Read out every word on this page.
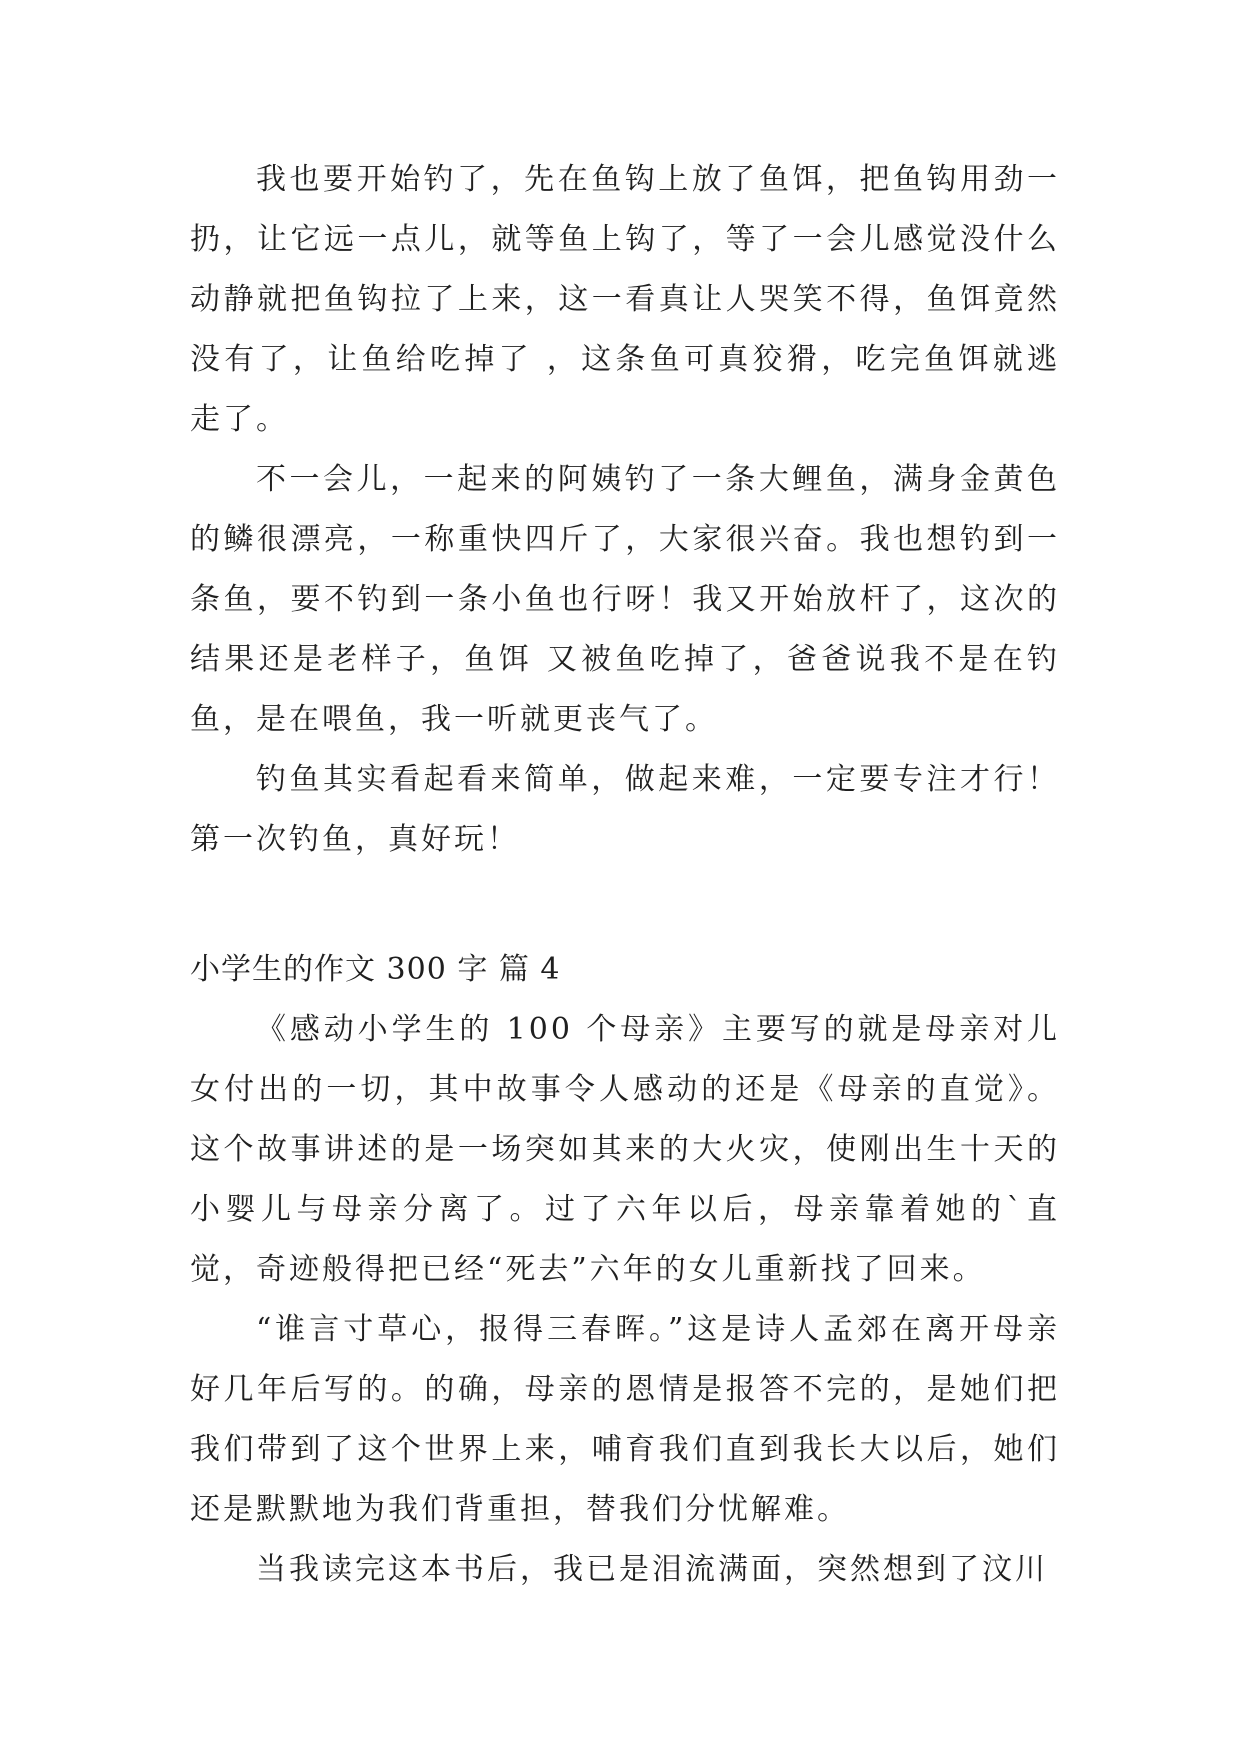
我也要开始钓了，先在鱼钩上放了鱼饵，把鱼钩用劲一扔，让它远一点儿，就等鱼上钩了，等了一会儿感觉没什么动静就把鱼钩拉了上来，这一看真让人哭笑不得，鱼饵竟然没有了，让鱼给吃掉了 ，这条鱼可真狡猾，吃完鱼饵就逃走了。

不一会儿，一起来的阿姨钓了一条大鲤鱼，满身金黄色的鳞很漂亮，一称重快四斤了，大家很兴奋。我也想钓到一条鱼，要不钓到一条小鱼也行呀！我又开始放杆了，这次的结果还是老样子，鱼饵 又被鱼吃掉了，爸爸说我不是在钓鱼，是在喂鱼，我一听就更丧气了。

钓鱼其实看起看来简单，做起来难，一定要专注才行！第一次钓鱼，真好玩！

小学生的作文 300 字 篇 4

《感动小学生的 100 个母亲》主要写的就是母亲对儿女付出的一切，其中故事令人感动的还是《母亲的直觉》。这个故事讲述的是一场突如其来的大火灾，使刚出生十天的小婴儿与母亲分离了。过了六年以后，母亲靠着她的`直觉，奇迹般得把已经“死去”六年的女儿重新找了回来。

“谁言寸草心，报得三春晖。”这是诗人孟郊在离开母亲好几年后写的。的确，母亲的恩情是报答不完的，是她们把我们带到了这个世界上来，哺育我们直到我长大以后，她们还是默默地为我们背重担，替我们分忧解难。

当我读完这本书后，我已是泪流满面，突然想到了汶川
